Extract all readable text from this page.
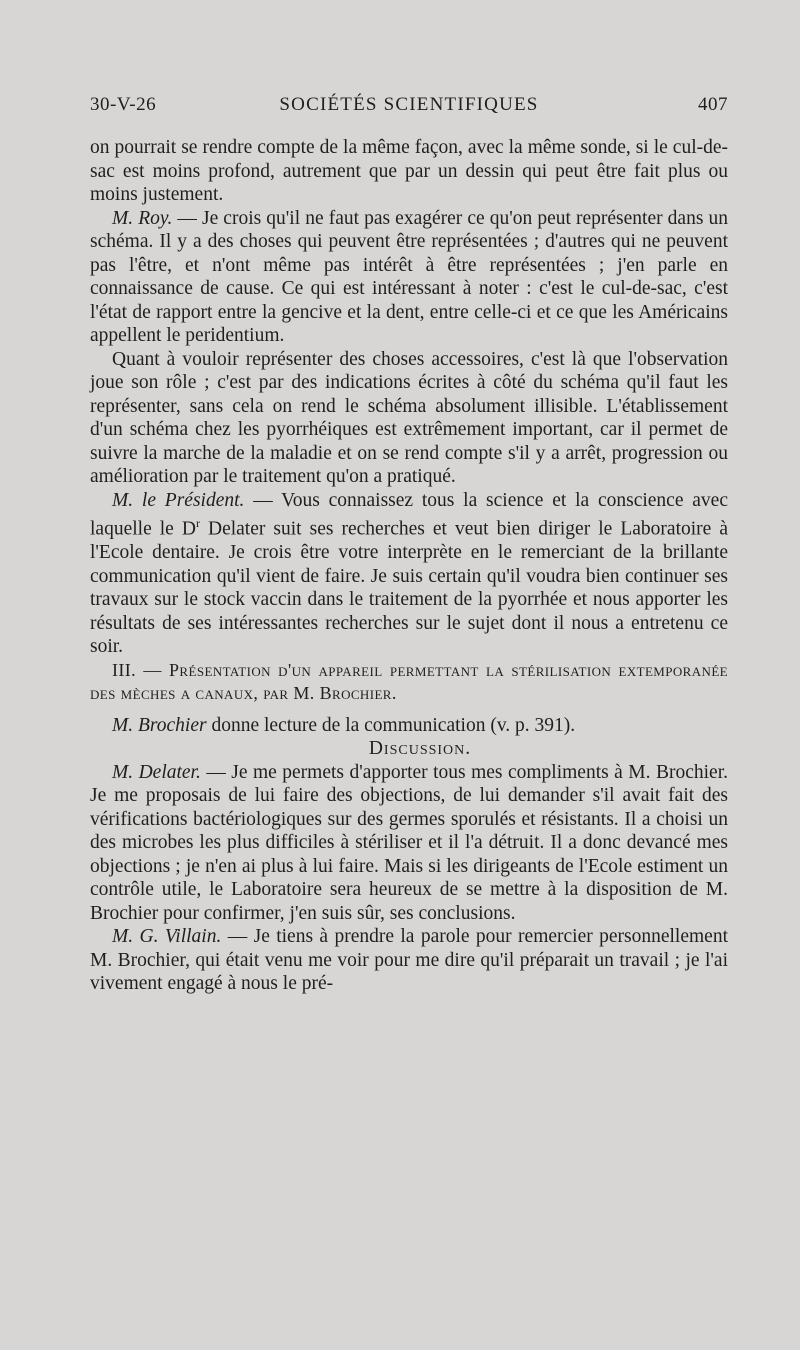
30-V-26	SOCIÉTÉS SCIENTIFIQUES	407

on pourrait se rendre compte de la même façon, avec la même sonde, si le cul-de-sac est moins profond, autrement que par un dessin qui peut être fait plus ou moins justement.

M. Roy. — Je crois qu'il ne faut pas exagérer ce qu'on peut représenter dans un schéma. Il y a des choses qui peuvent être représentées ; d'autres qui ne peuvent pas l'être, et n'ont même pas intérêt à être représentées ; j'en parle en connaissance de cause. Ce qui est intéressant à noter : c'est le cul-de-sac, c'est l'état de rapport entre la gencive et la dent, entre celle-ci et ce que les Américains appellent le peridentium.

Quant à vouloir représenter des choses accessoires, c'est là que l'observation joue son rôle ; c'est par des indications écrites à côté du schéma qu'il faut les représenter, sans cela on rend le schéma absolument illisible. L'établissement d'un schéma chez les pyorrhéiques est extrêmement important, car il permet de suivre la marche de la maladie et on se rend compte s'il y a arrêt, progression ou amélioration par le traitement qu'on a pratiqué.

M. le Président. — Vous connaissez tous la science et la conscience avec laquelle le $D^r$ Delater suit ses recherches et veut bien diriger le Laboratoire à l'Ecole dentaire. Je crois être votre interprète en le remerciant de la brillante communication qu'il vient de faire. Je suis certain qu'il voudra bien continuer ses travaux sur le stock vaccin dans le traitement de la pyorrhée et nous apporter les résultats de ses intéressantes recherches sur le sujet dont il nous a entretenu ce soir.

III. — Présentation d'un appareil permettant la stérilisation extemporanée des mèches a canaux, par M. Brochier.

M. Brochier donne lecture de la communication (v. p. 391).

Discussion.

M. Delater. — Je me permets d'apporter tous mes compliments à M. Brochier. Je me proposais de lui faire des objections, de lui demander s'il avait fait des vérifications bactériologiques sur des germes sporulés et résistants. Il a choisi un des microbes les plus difficiles à stériliser et il l'a détruit. Il a donc devancé mes objections ; je n'en ai plus à lui faire. Mais si les dirigeants de l'Ecole estiment un contrôle utile, le Laboratoire sera heureux de se mettre à la disposition de M. Brochier pour confirmer, j'en suis sûr, ses conclusions.

M. G. Villain. — Je tiens à prendre la parole pour remercier personnellement M. Brochier, qui était venu me voir pour me dire qu'il préparait un travail ; je l'ai vivement engagé à nous le pré-
